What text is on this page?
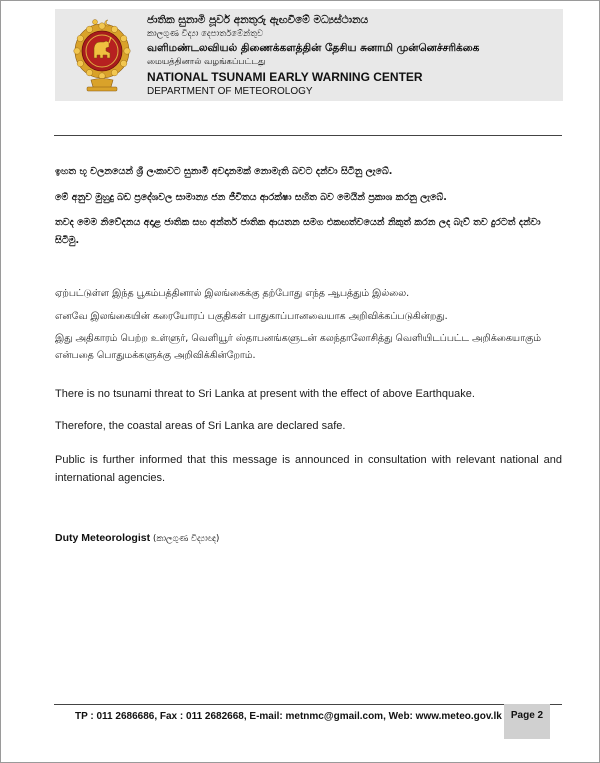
ජාතික සුනාමි පූර්ව අනතුරු ඇඟවීමේ මධ්‍යස්ථානය
කාලගුණ විද්‍යා දෙපාර්තමේන්තුව
வளிமண்டலவியல் திணைக்களத்தின் தேசிய சுனாமி முன்னெச்சரிக்கை
மையத்தினால் வழங்கப்பட்டது
NATIONAL TSUNAMI EARLY WARNING CENTER
DEPARTMENT OF METEOROLOGY

ඉහත භූ චලනයෙන් ශ්‍රී ලංකාවට සුනාමි අවදානමක් නොමැති බවට දන්වා සිටිනු ලැබේ.

මේ අනුව මුහුදු බඩ ප්‍රදේශවල සාමාන්‍ය ජන ජීවිතය ආරක්ෂා සහිත බව මෙයින් ප්‍රකාශ කරනු ලැබේ.

තවද මෙම නිවේදනය අදාළ ජාතික සහ අන්තර් ජාතික ආයතන සමග එකඟත්වයෙන් නිකුත් කරන ලද බැව් තව දුරටත් දන්වා සිටිමු.

ஏற்பட்டுள்ள இந்த பூகம்பத்தினால் இலங்கைக்கு தற்போது எந்த ஆபத்தும் இல்லை.

எனவே இலங்கையின் கரையோரப் பகுதிகள் பாதுகாப்பானவையாக அறிவிக்கப்படுகின்றது.

இது அதிகாரம் பெற்ற உள்ளுர், வெளியூர் ஸ்தாபனங்களுடன் கலந்தாலோசித்து வெளியிடப்பட்ட அறிக்கையாகும் என்பதை பொதுமக்களுக்கு அறிவிக்கின்றோம்.

There is no tsunami threat to Sri Lanka at present with the effect of above Earthquake.

Therefore, the coastal areas of Sri Lanka are declared safe.

Public is further informed that this message is announced in consultation with relevant national and international agencies.

Duty Meteorologist (කාලගුණ විද්‍යාඥ)
TP : 011 2686686, Fax : 011 2682668, E-mail: metnmc@gmail.com, Web: www.meteo.gov.lk Page 2
